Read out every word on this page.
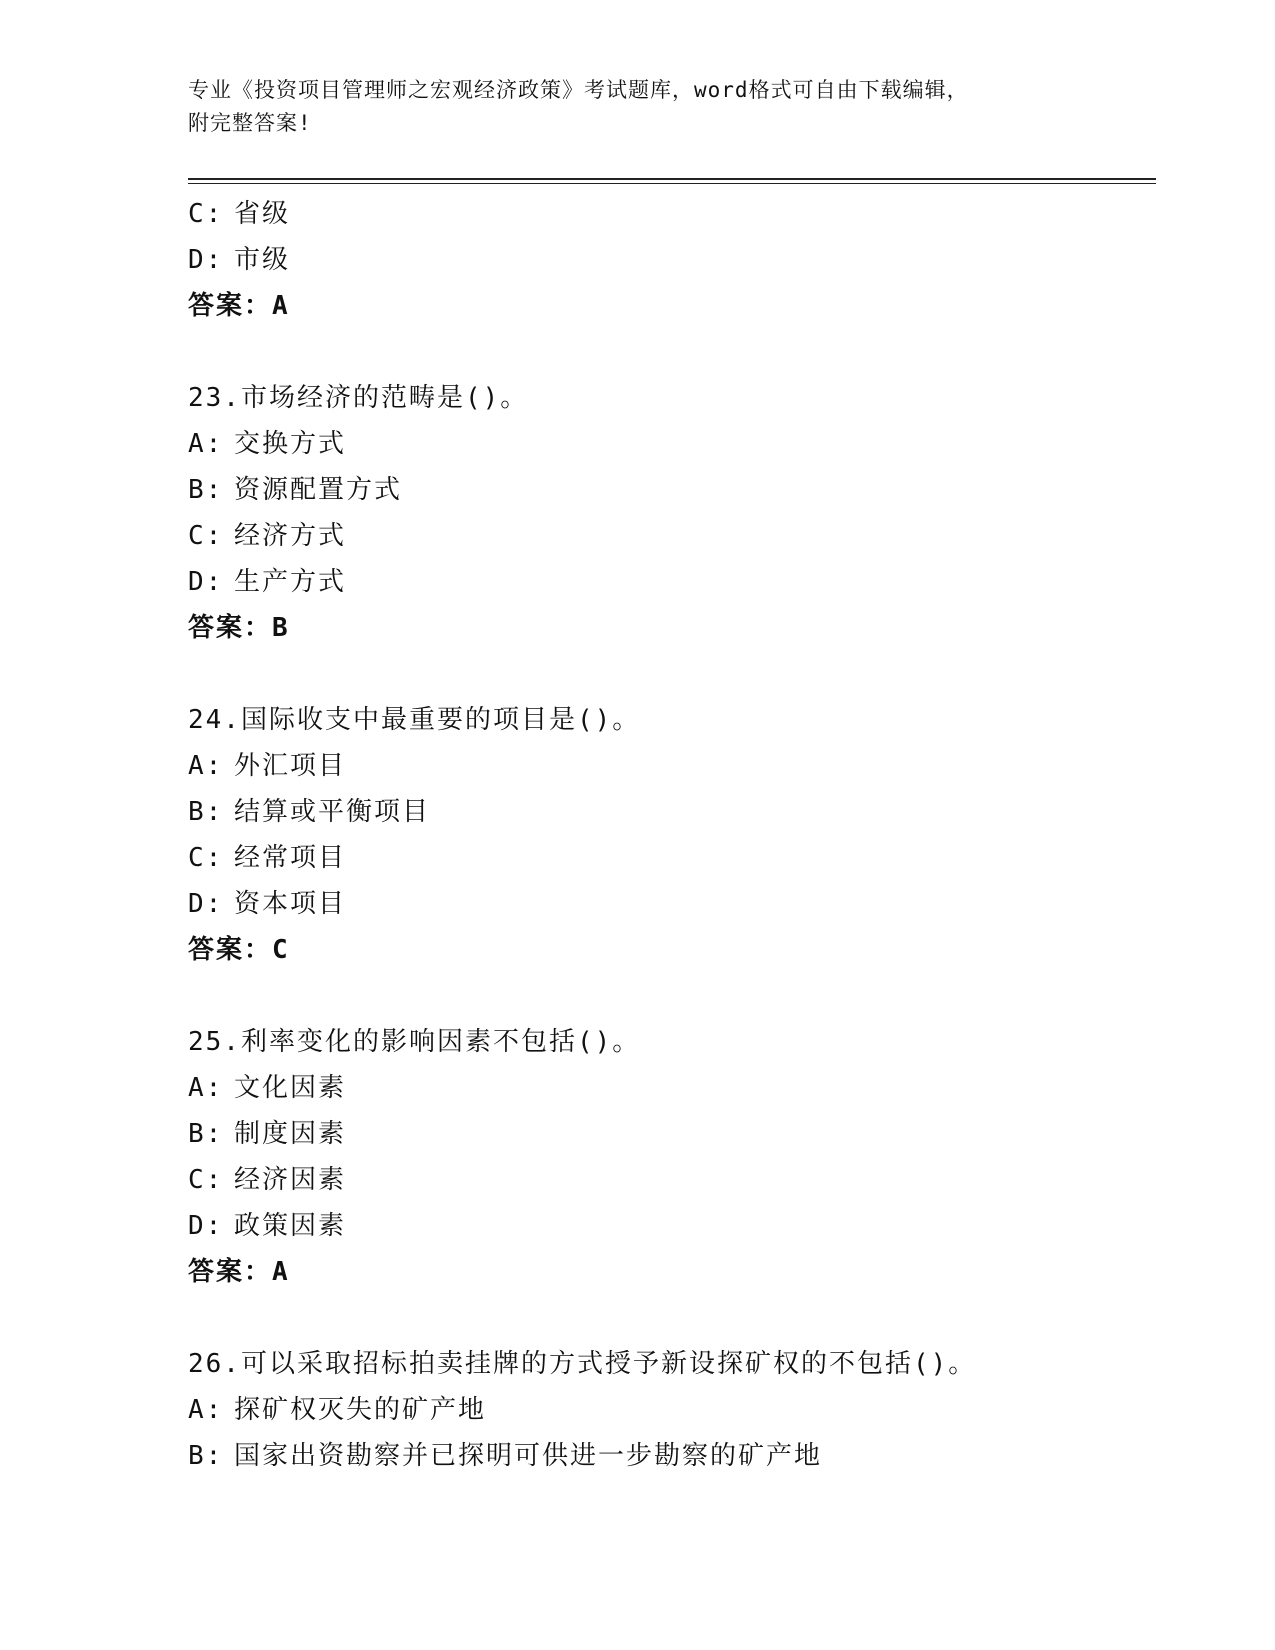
专业《投资项目管理师之宏观经济政策》考试题库，word格式可自由下载编辑，
附完整答案!
C: 省级
D: 市级
答案：A
23.市场经济的范畴是()。
A: 交换方式
B: 资源配置方式
C: 经济方式
D: 生产方式
答案：B
24.国际收支中最重要的项目是()。
A: 外汇项目
B: 结算或平衡项目
C: 经常项目
D: 资本项目
答案：C
25.利率变化的影响因素不包括()。
A: 文化因素
B: 制度因素
C: 经济因素
D: 政策因素
答案：A
26.可以采取招标拍卖挂牌的方式授予新设探矿权的不包括()。
A: 探矿权灭失的矿产地
B: 国家出资勘察并已探明可供进一步勘察的矿产地
